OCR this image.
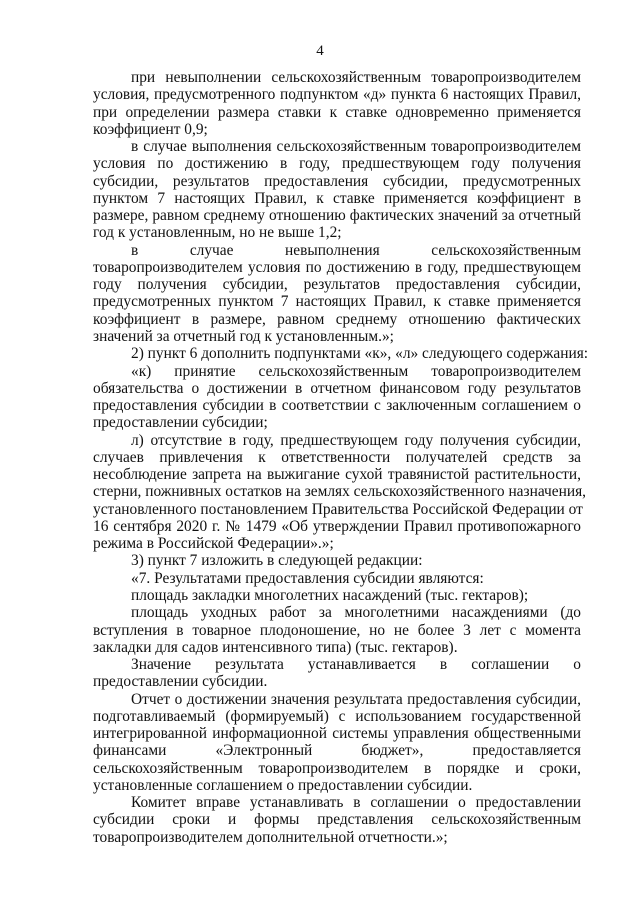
4
при невыполнении сельскохозяйственным товаропроизводителем
условия, предусмотренного подпунктом «д» пункта 6 настоящих Правил,
при определении размера ставки к ставке одновременно применяется
коэффициент 0,9;
в случае выполнения сельскохозяйственным товаропроизводителем
условия по достижению в году, предшествующем году получения
субсидии, результатов предоставления субсидии, предусмотренных
пунктом 7 настоящих Правил, к ставке применяется коэффициент в
размере, равном среднему отношению фактических значений за отчетный
год к установленным, но не выше 1,2;
в случае невыполнения сельскохозяйственным
товаропроизводителем условия по достижению в году, предшествующем
году получения субсидии, результатов предоставления субсидии,
предусмотренных пунктом 7 настоящих Правил, к ставке применяется
коэффициент в размере, равном среднему отношению фактических
значений за отчетный год к установленным.»;
2) пункт 6 дополнить подпунктами «к», «л» следующего содержания:
«к) принятие сельскохозяйственным товаропроизводителем
обязательства о достижении в отчетном финансовом году результатов
предоставления субсидии в соответствии с заключенным соглашением о
предоставлении субсидии;
л) отсутствие в году, предшествующем году получения субсидии,
случаев привлечения к ответственности получателей средств за
несоблюдение запрета на выжигание сухой травянистой растительности,
стерни, пожнивных остатков на землях сельскохозяйственного назначения,
установленного постановлением Правительства Российской Федерации от
16 сентября 2020 г. № 1479 «Об утверждении Правил противопожарного
режима в Российской Федерации».»;
3) пункт 7 изложить в следующей редакции:
«7. Результатами предоставления субсидии являются:
площадь закладки многолетних насаждений (тыс. гектаров);
площадь уходных работ за многолетними насаждениями (до
вступления в товарное плодоношение, но не более 3 лет с момента
закладки для садов интенсивного типа) (тыс. гектаров).
Значение результата устанавливается в соглашении о
предоставлении субсидии.
Отчет о достижении значения результата предоставления субсидии,
подготавливаемый (формируемый) с использованием государственной
интегрированной информационной системы управления общественными
финансами «Электронный бюджет», предоставляется
сельскохозяйственным товаропроизводителем в порядке и сроки,
установленные соглашением о предоставлении субсидии.
Комитет вправе устанавливать в соглашении о предоставлении
субсидии сроки и формы представления сельскохозяйственным
товаропроизводителем дополнительной отчетности.»;
